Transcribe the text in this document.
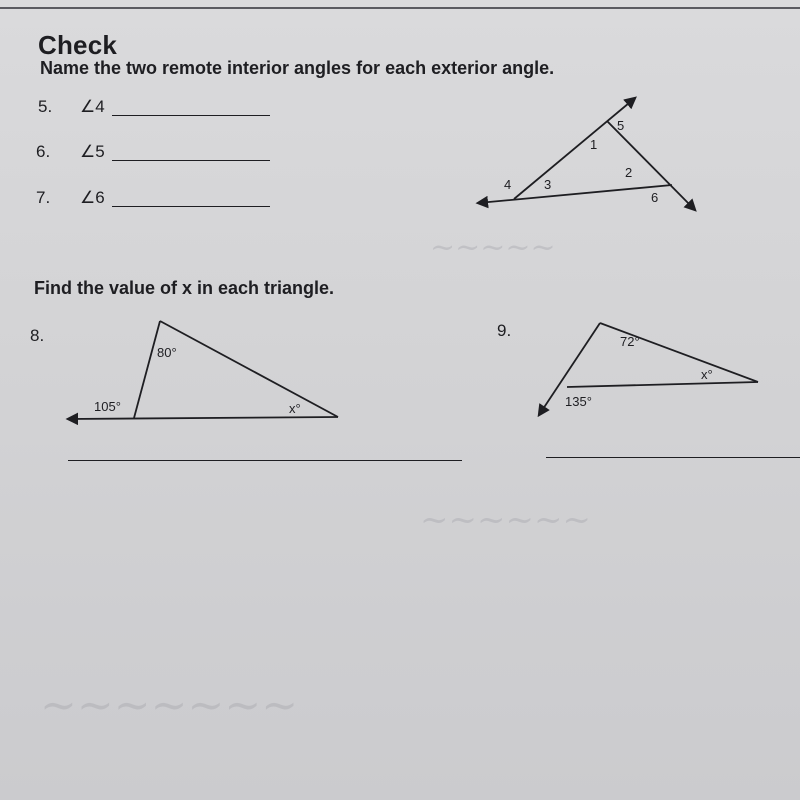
~~~~~~~
~~~~~~
~~~~~
Check
Name the two remote interior angles for each exterior angle.
5. ∠4
6. ∠5
7. ∠6
1
2
3
4
5
6
Find the value of x in each triangle.
8.
80°
105°	x°
9.
72°
x°
135°
